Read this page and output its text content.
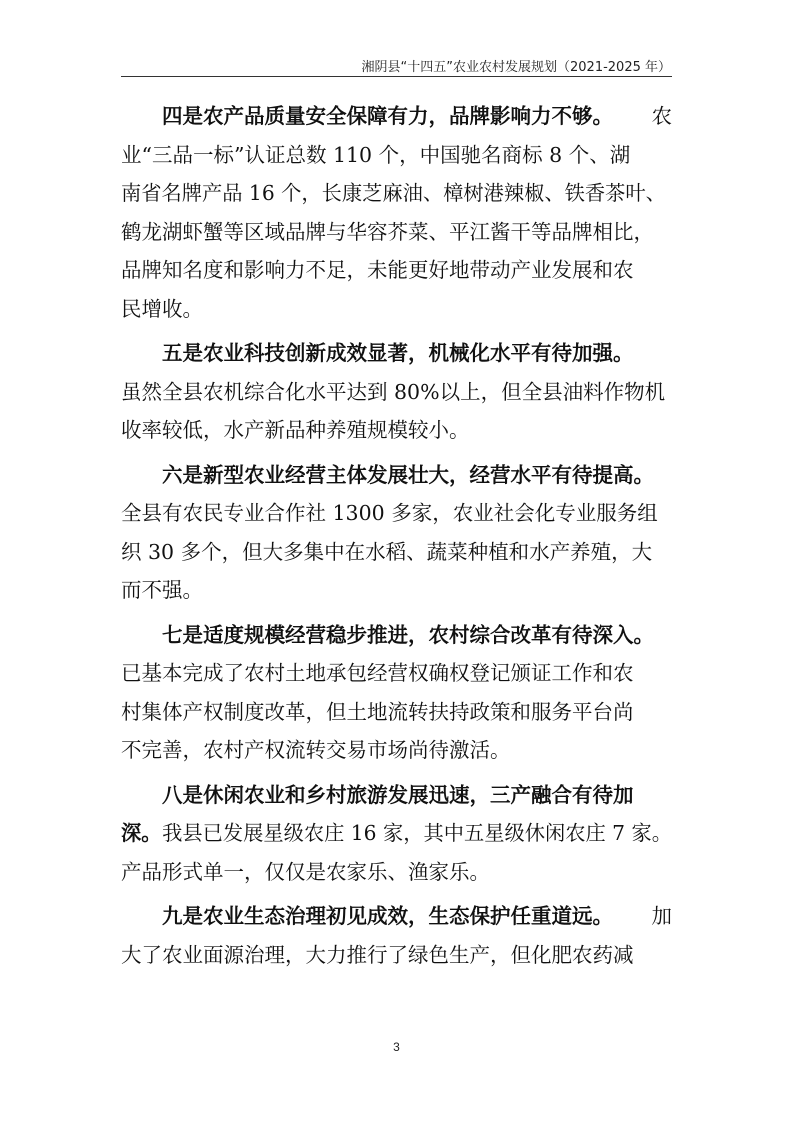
湘阴县“十四五”农业农村发展规划（2021-2025 年）
四是农产品质量安全保障有力，品牌影响力不够。 农
业“三品一标”认证总数 110 个，中国驰名商标 8 个、湖
南省名牌产品 16 个，长康芝麻油、樟树港辣椒、铁香茶叶、
鹤龙湖虾蟹等区域品牌与华容芥菜、平江酱干等品牌相比，
品牌知名度和影响力不足，未能更好地带动产业发展和农
民增收。
五是农业科技创新成效显著，机械化水平有待加强。
虽然全县农机综合化水平达到 80%以上，但全县油料作物机
收率较低，水产新品种养殖规模较小。
六是新型农业经营主体发展壮大，经营水平有待提高。
全县有农民专业合作社 1300 多家，农业社会化专业服务组
织 30 多个，但大多集中在水稻、蔬菜种植和水产养殖，大
而不强。
七是适度规模经营稳步推进，农村综合改革有待深入。
已基本完成了农村土地承包经营权确权登记颁证工作和农
村集体产权制度改革，但土地流转扶持政策和服务平台尚
不完善，农村产权流转交易市场尚待激活。
八是休闲农业和乡村旅游发展迅速，三产融合有待加
深。 我县已发展星级农庄 16 家，其中五星级休闲农庄 7 家。
产品形式单一，仅仅是农家乐、渔家乐。
九是农业生态治理初见成效，生态保护任重道远。 加
大了农业面源治理，大力推行了绿色生产，但化肥农药减
3
